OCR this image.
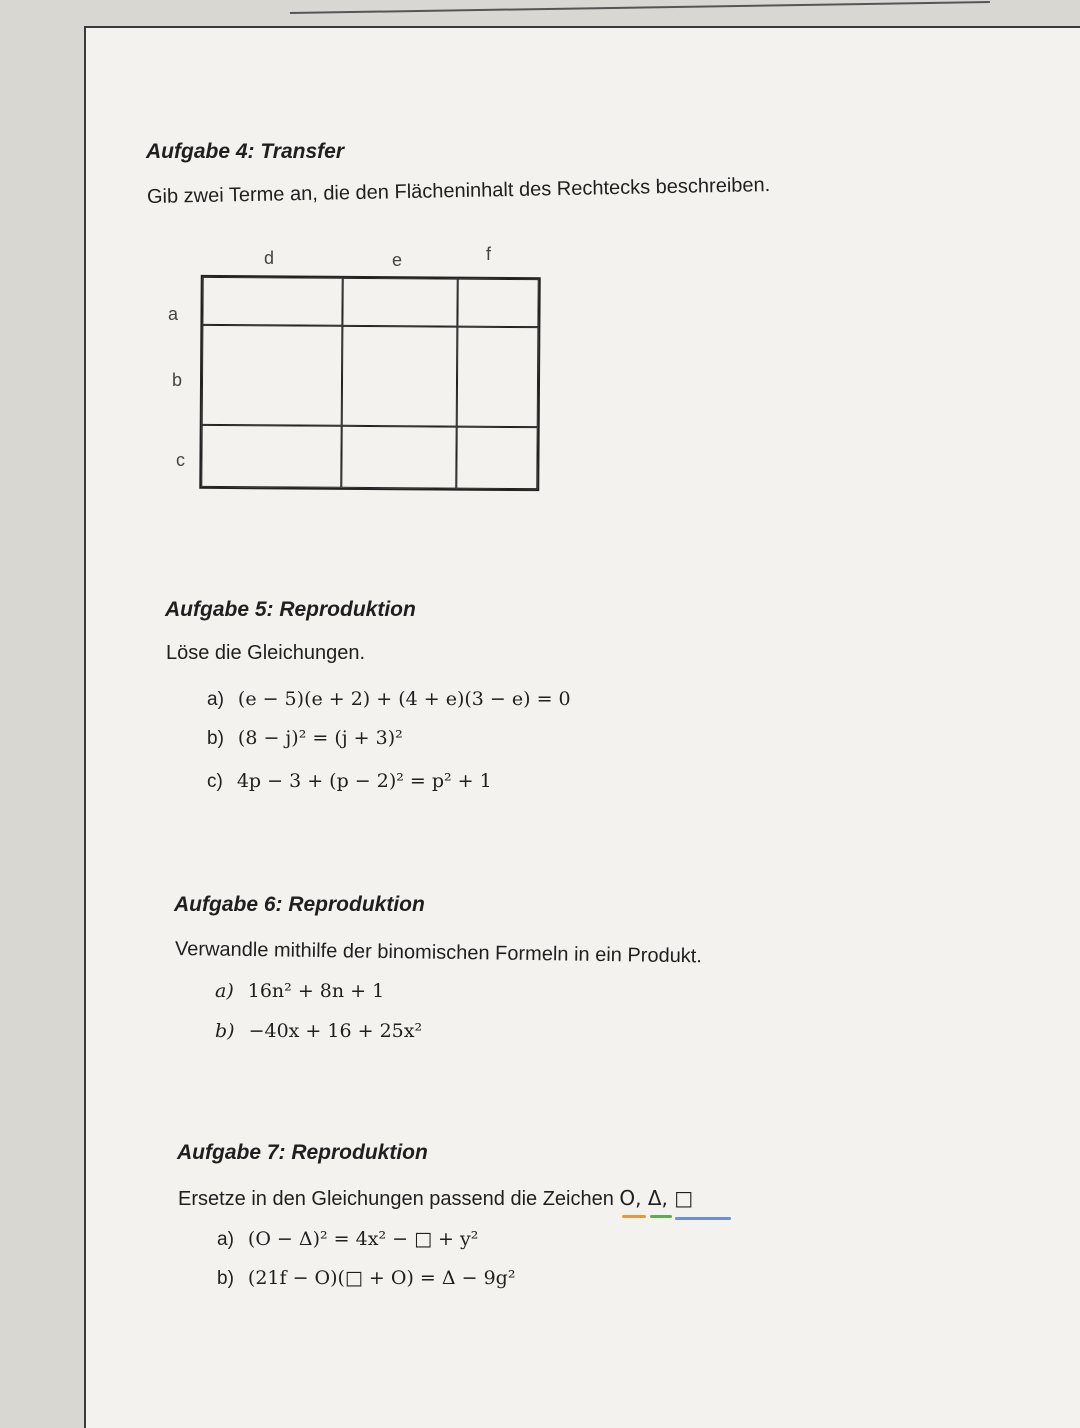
Aufgabe 4: Transfer
Gib zwei Terme an, die den Flächeninhalt des Rechtecks beschreiben.
d	e	f
a
b
c
Aufgabe 5: Reproduktion
Löse die Gleichungen.
a) (e − 5)(e + 2) + (4 + e)(3 − e) = 0
b) (8 − j)² = (j + 3)²
c) 4p − 3 + (p − 2)² = p² + 1
Aufgabe 6: Reproduktion
Verwandle mithilfe der binomischen Formeln in ein Produkt.
a) 16n² + 8n + 1
b) −40x + 16 + 25x²
Aufgabe 7: Reproduktion
Ersetze in den Gleichungen passend die Zeichen O, Δ, □
a) (O − Δ)² = 4x² − □ + y²
b) (21f − O)(□ + O) = Δ − 9g²
